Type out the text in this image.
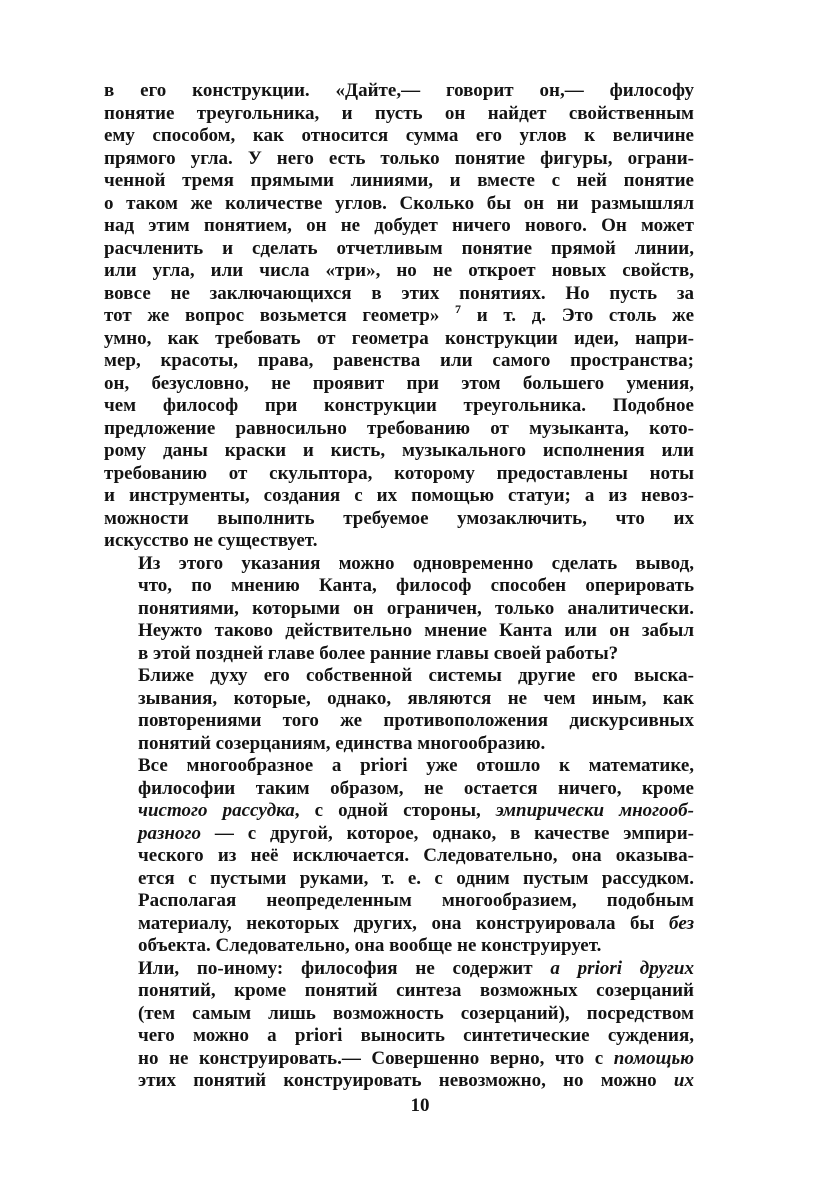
в его конструкции. «Дайте,— говорит он,— философу
понятие треугольника, и пусть он найдет свойственным
ему способом, как относится сумма его углов к величине
прямого угла. У него есть только понятие фигуры, ограни-
ченной тремя прямыми линиями, и вместе с ней понятие
о таком же количестве углов. Сколько бы он ни размышлял
над этим понятием, он не добудет ничего нового. Он может
расчленить и сделать отчетливым понятие прямой линии,
или угла, или числа «три», но не откроет новых свойств,
вовсе не заключающихся в этих понятиях. Но пусть за
тот же вопрос возьмется геометр» $^7$ и т. д. Это столь же
умно, как требовать от геометра конструкции идеи, напри-
мер, красоты, права, равенства или самого пространства;
он, безусловно, не проявит при этом большего умения,
чем философ при конструкции треугольника. Подобное
предложение равносильно требованию от музыканта, кото-
рому даны краски и кисть, музыкального исполнения или
требованию от скульптора, которому предоставлены ноты
и инструменты, создания с их помощью статуи; а из невоз-
можности выполнить требуемое умозаключить, что их
искусство не существует.

Из этого указания можно одновременно сделать вывод,
что, по мнению Канта, философ способен оперировать
понятиями, которыми он ограничен, только аналитически.
Неужто таково действительно мнение Канта или он забыл
в этой поздней главе более ранние главы своей работы?

Ближе духу его собственной системы другие его выска-
зывания, которые, однако, являются не чем иным, как
повторениями того же противоположения дискурсивных
понятий созерцаниям, единства многообразию.

Все многообразное a priori уже отошло к математике,
философии таким образом, не остается ничего, кроме
чистого рассудка, с одной стороны, эмпирически многооб-
разного — с другой, которое, однако, в качестве эмпири-
ческого из неё исключается. Следовательно, она оказыва-
ется с пустыми руками, т. е. с одним пустым рассудком.
Располагая неопределенным многообразием, подобным
материалу, некоторых других, она конструировала бы без
объекта. Следовательно, она вообще не конструирует.

Или, по-иному: философия не содержит a priori других
понятий, кроме понятий синтеза возможных созерцаний
(тем самым лишь возможность созерцаний), посредством
чего можно a priori выносить синтетические суждения,
но не конструировать.— Совершенно верно, что с помощью
этих понятий конструировать невозможно, но можно их

10
